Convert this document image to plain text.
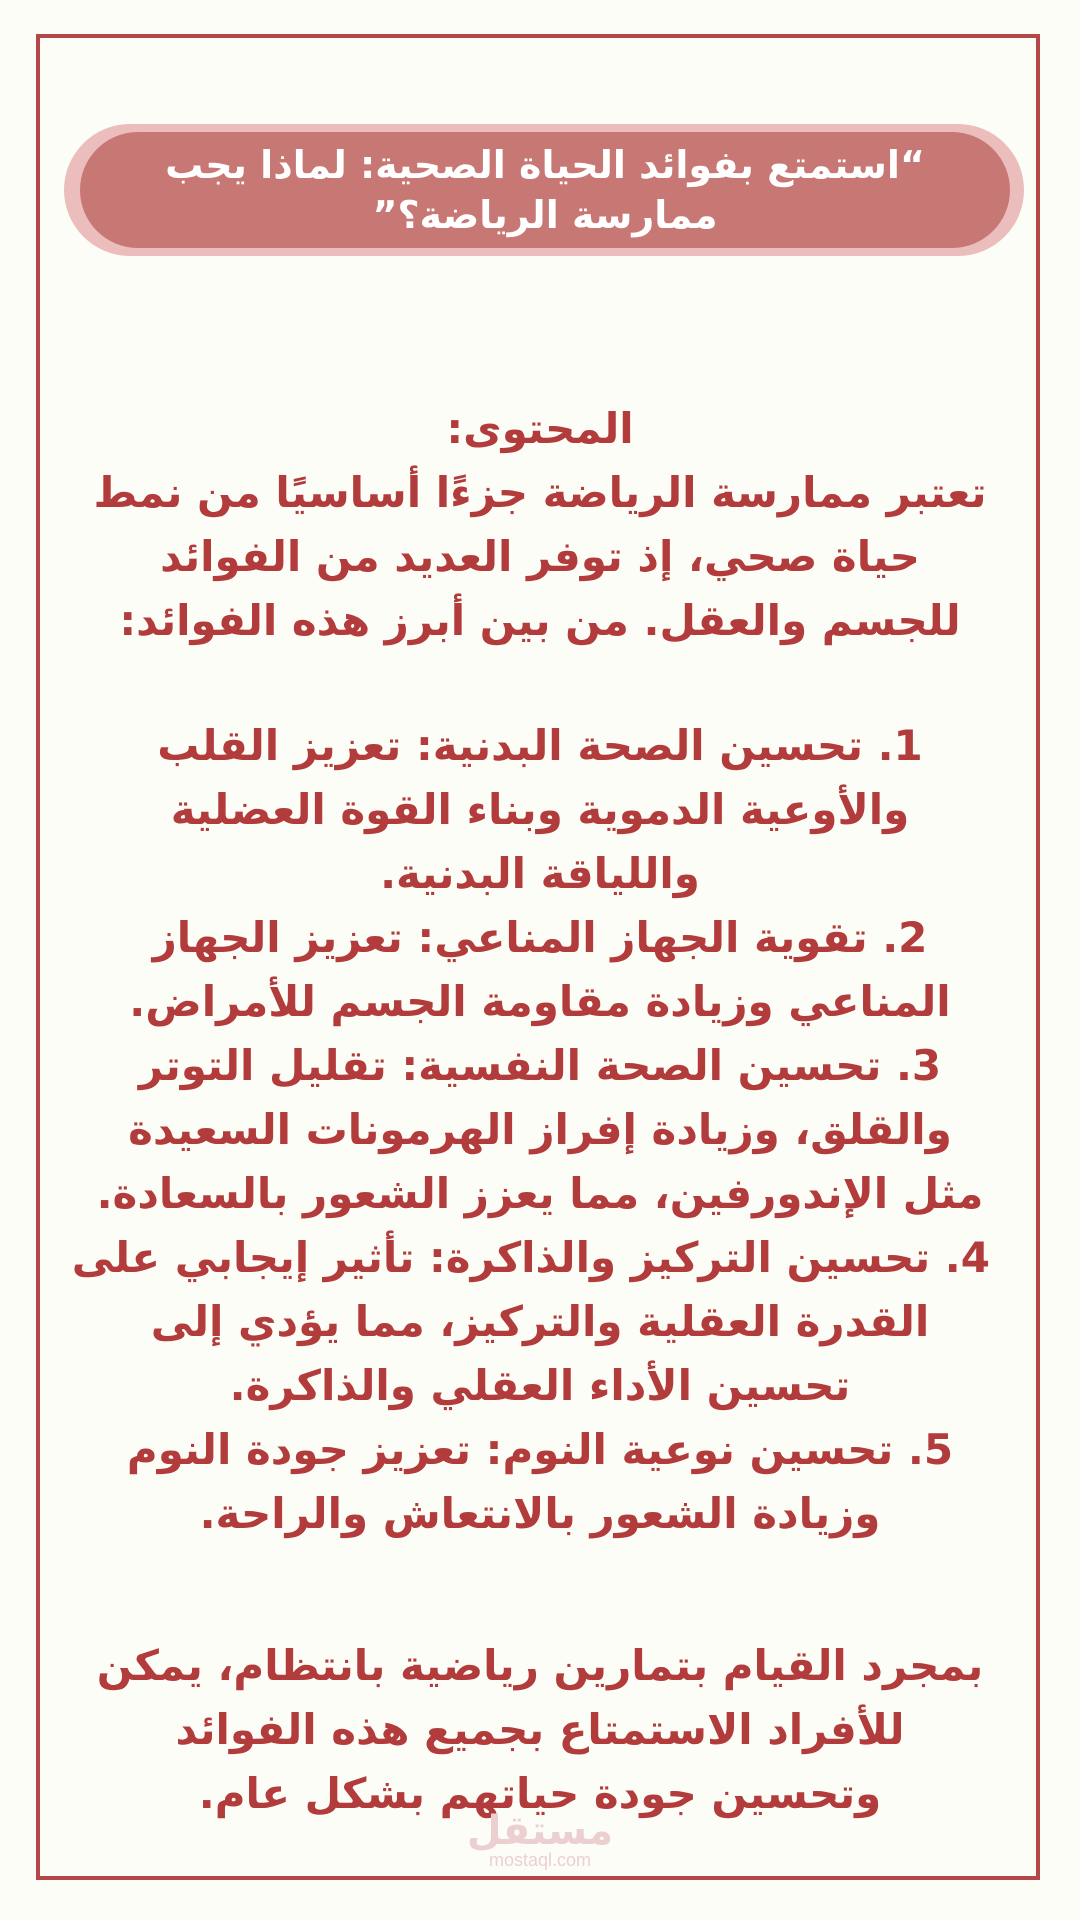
“استمتع بفوائد الحياة الصحية: لماذا يجب ممارسة الرياضة؟”
المحتوى:
تعتبر ممارسة الرياضة جزءًا أساسيًا من نمط
حياة صحي، إذ توفر العديد من الفوائد
للجسم والعقل. من بين أبرز هذه الفوائد:
1. تحسين الصحة البدنية: تعزيز القلب
والأوعية الدموية وبناء القوة العضلية
واللياقة البدنية.
2. تقوية الجهاز المناعي: تعزيز الجهاز
المناعي وزيادة مقاومة الجسم للأمراض.
3. تحسين الصحة النفسية: تقليل التوتر
والقلق، وزيادة إفراز الهرمونات السعيدة
مثل الإندورفين، مما يعزز الشعور بالسعادة.
4. تحسين التركيز والذاكرة: تأثير إيجابي على
القدرة العقلية والتركيز، مما يؤدي إلى
تحسين الأداء العقلي والذاكرة.
5. تحسين نوعية النوم: تعزيز جودة النوم
وزيادة الشعور بالانتعاش والراحة.
بمجرد القيام بتمارين رياضية بانتظام، يمكن
للأفراد الاستمتاع بجميع هذه الفوائد
وتحسين جودة حياتهم بشكل عام.
مستقل
mostaql.com
